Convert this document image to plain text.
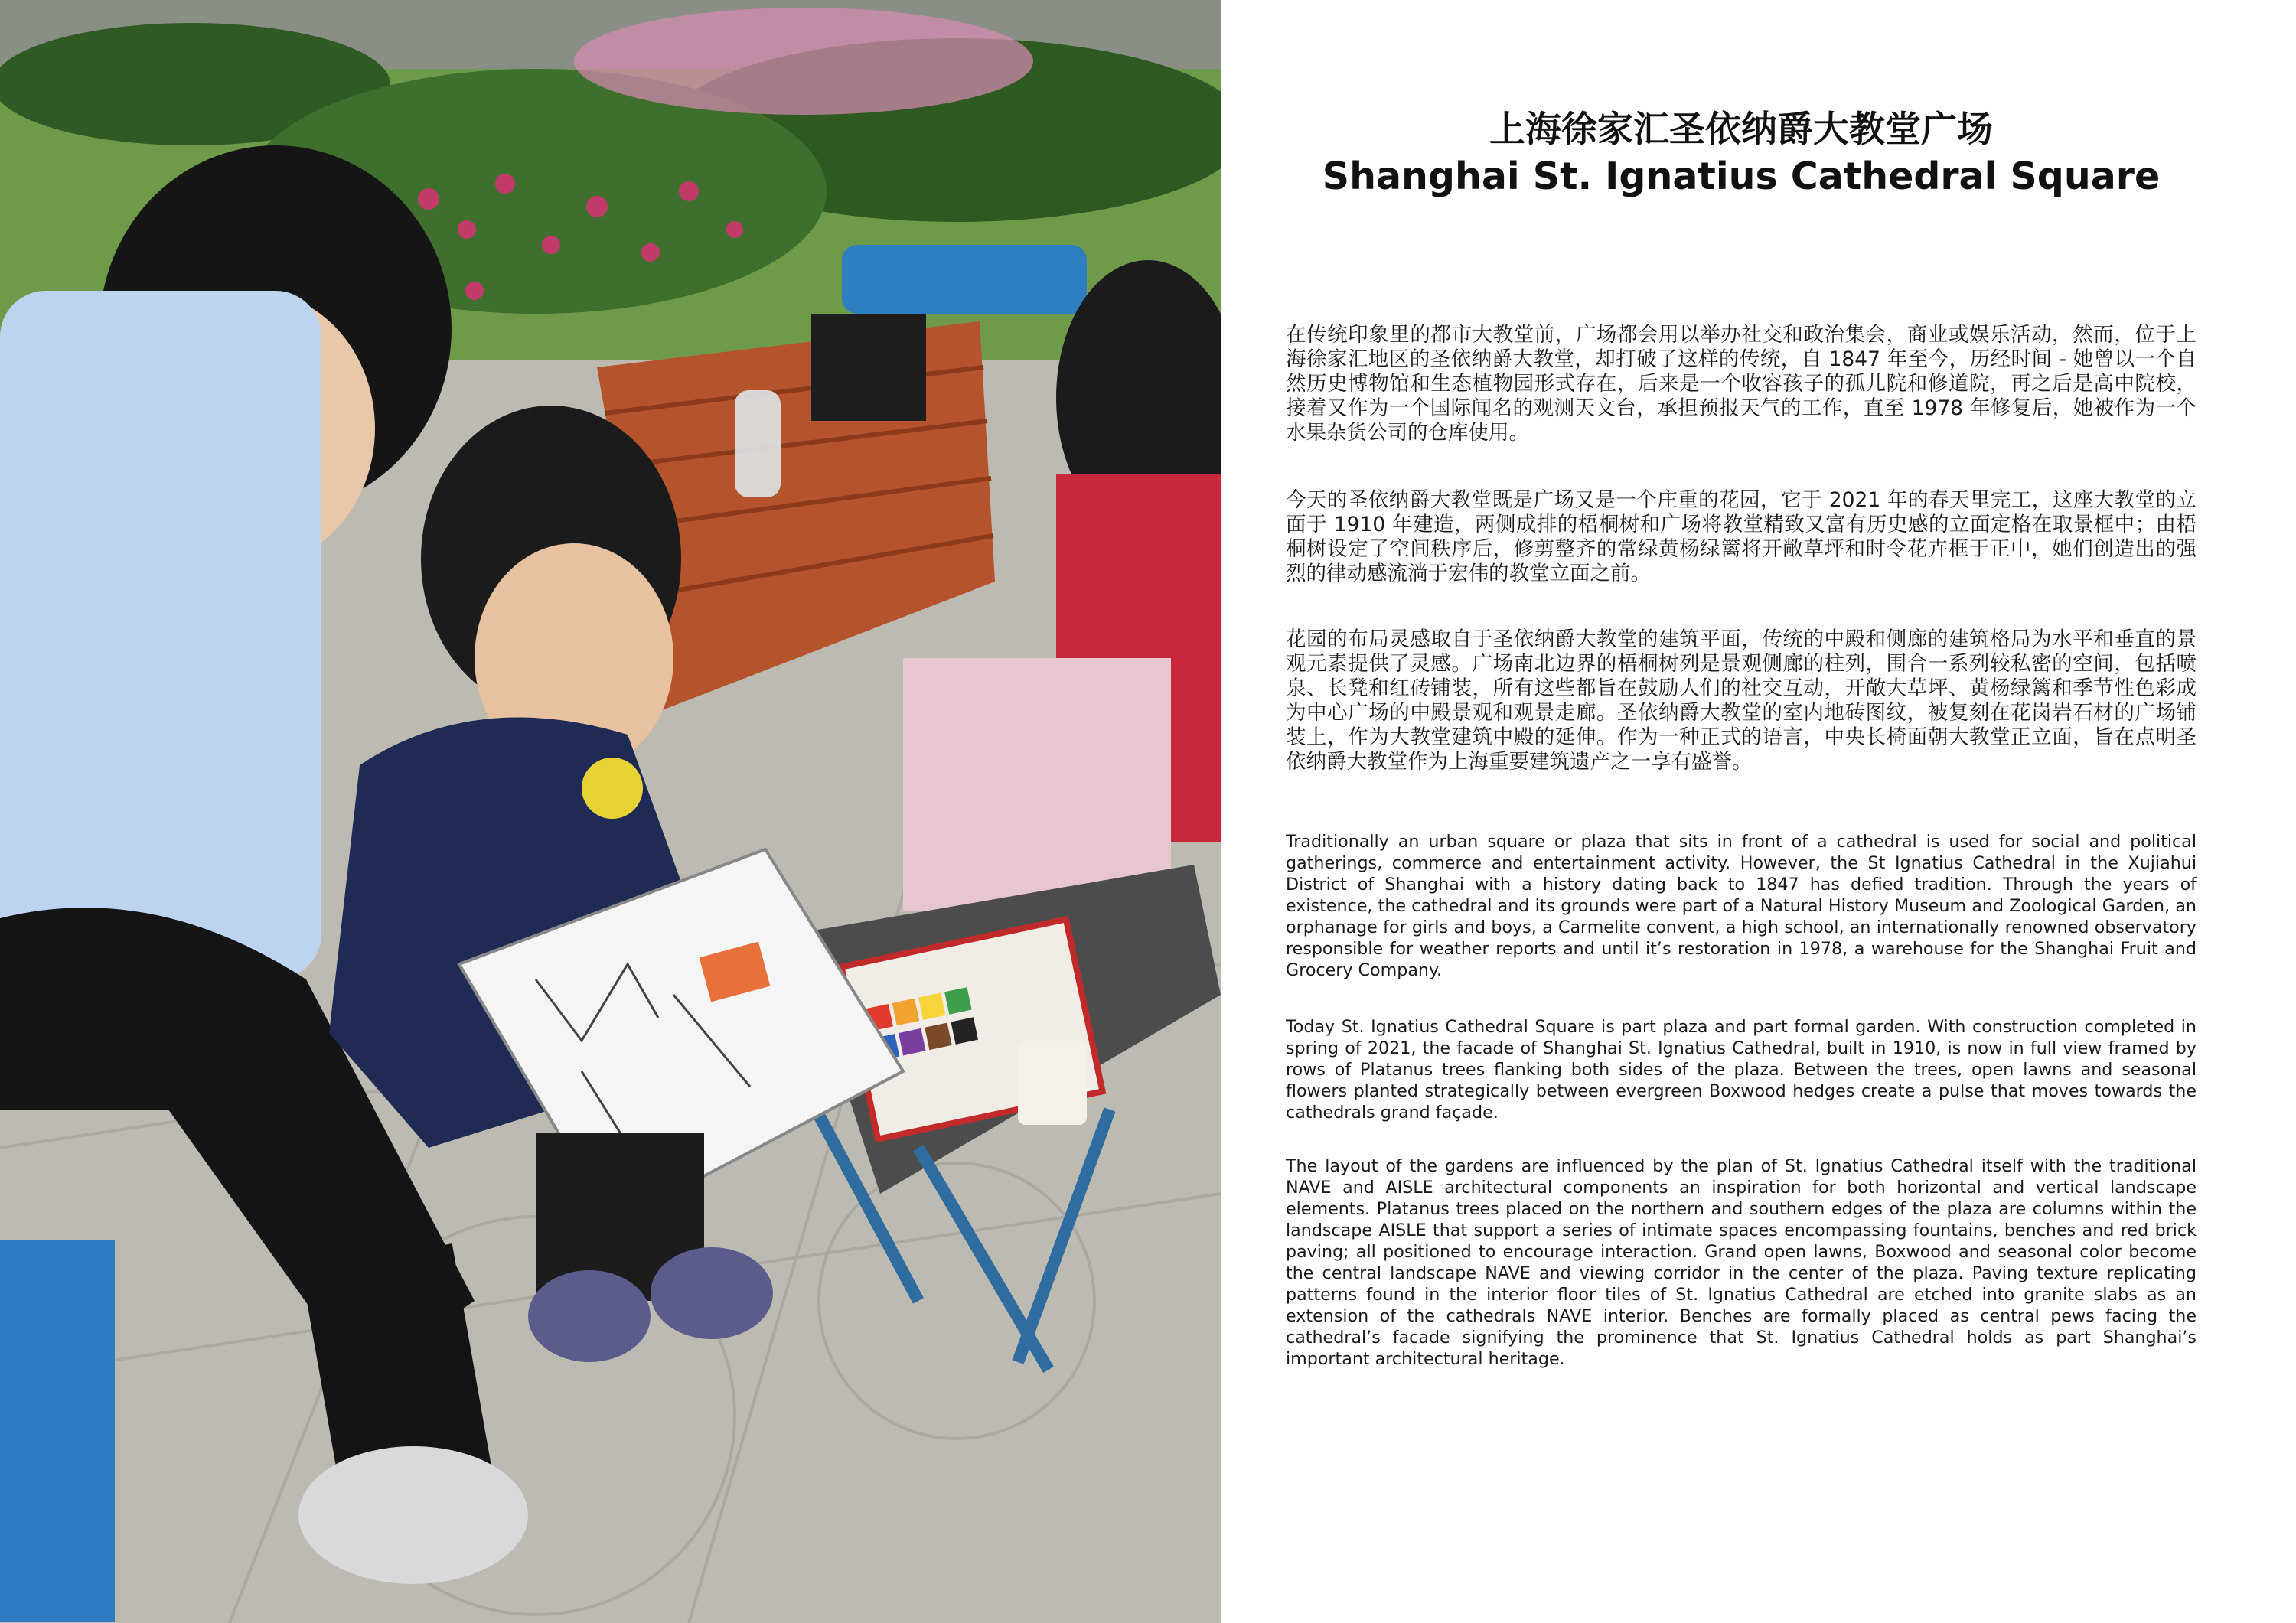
上海徐家汇圣依纳爵大教堂广场
Shanghai St. Ignatius Cathedral Square

在传统印象里的都市大教堂前，广场都会用以举办社交和政治集会，商业或娱乐活动，然而，位于上海徐家汇地区的圣依纳爵大教堂，却打破了这样的传统，自 1847 年至今，历经时间 - 她曾以一个自然历史博物馆和生态植物园形式存在，后来是一个收容孩子的孤儿院和修道院，再之后是高中院校，接着又作为一个国际闻名的观测天文台，承担预报天气的工作，直至 1978 年修复后，她被作为一个水果杂货公司的仓库使用。

今天的圣依纳爵大教堂既是广场又是一个庄重的花园，它于 2021 年的春天里完工，这座大教堂的立面于 1910 年建造，两侧成排的梧桐树和广场将教堂精致又富有历史感的立面定格在取景框中；由梧桐树设定了空间秩序后，修剪整齐的常绿黄杨绿篱将开敞草坪和时令花卉框于正中，她们创造出的强烈的律动感流淌于宏伟的教堂立面之前。

花园的布局灵感取自于圣依纳爵大教堂的建筑平面，传统的中殿和侧廊的建筑格局为水平和垂直的景观元素提供了灵感。广场南北边界的梧桐树列是景观侧廊的柱列，围合一系列较私密的空间，包括喷泉、长凳和红砖铺装，所有这些都旨在鼓励人们的社交互动，开敞大草坪、黄杨绿篱和季节性色彩成为中心广场的中殿景观和观景走廊。圣依纳爵大教堂的室内地砖图纹，被复刻在花岗岩石材的广场铺装上，作为大教堂建筑中殿的延伸。作为一种正式的语言，中央长椅面朝大教堂正立面，旨在点明圣依纳爵大教堂作为上海重要建筑遗产之一享有盛誉。

Traditionally an urban square or plaza that sits in front of a cathedral is used for social and political gatherings, commerce and entertainment activity. However, the St Ignatius Cathedral in the Xujiahui District of Shanghai with a history dating back to 1847 has defied tradition. Through the years of existence, the cathedral and its grounds were part of a Natural History Museum and Zoological Garden, an orphanage for girls and boys, a Carmelite convent, a high school, an internationally renowned observatory responsible for weather reports and until it’s restoration in 1978, a warehouse for the Shanghai Fruit and Grocery Company.

Today St. Ignatius Cathedral Square is part plaza and part formal garden. With construction completed in spring of 2021, the facade of Shanghai St. Ignatius Cathedral, built in 1910, is now in full view framed by rows of Platanus trees flanking both sides of the plaza. Between the trees, open lawns and seasonal flowers planted strategically between evergreen Boxwood hedges create a pulse that moves towards the cathedrals grand façade.

The layout of the gardens are influenced by the plan of St. Ignatius Cathedral itself with the traditional NAVE and AISLE architectural components an inspiration for both horizontal and vertical landscape elements. Platanus trees placed on the northern and southern edges of the plaza are columns within the landscape AISLE that support a series of intimate spaces encompassing fountains, benches and red brick paving; all positioned to encourage interaction. Grand open lawns, Boxwood and seasonal color become the central landscape NAVE and viewing corridor in the center of the plaza. Paving texture replicating patterns found in the interior floor tiles of St. Ignatius Cathedral are etched into granite slabs as an extension of the cathedrals NAVE interior. Benches are formally placed as central pews facing the cathedral’s facade signifying the prominence that St. Ignatius Cathedral holds as part Shanghai’s important architectural heritage.
